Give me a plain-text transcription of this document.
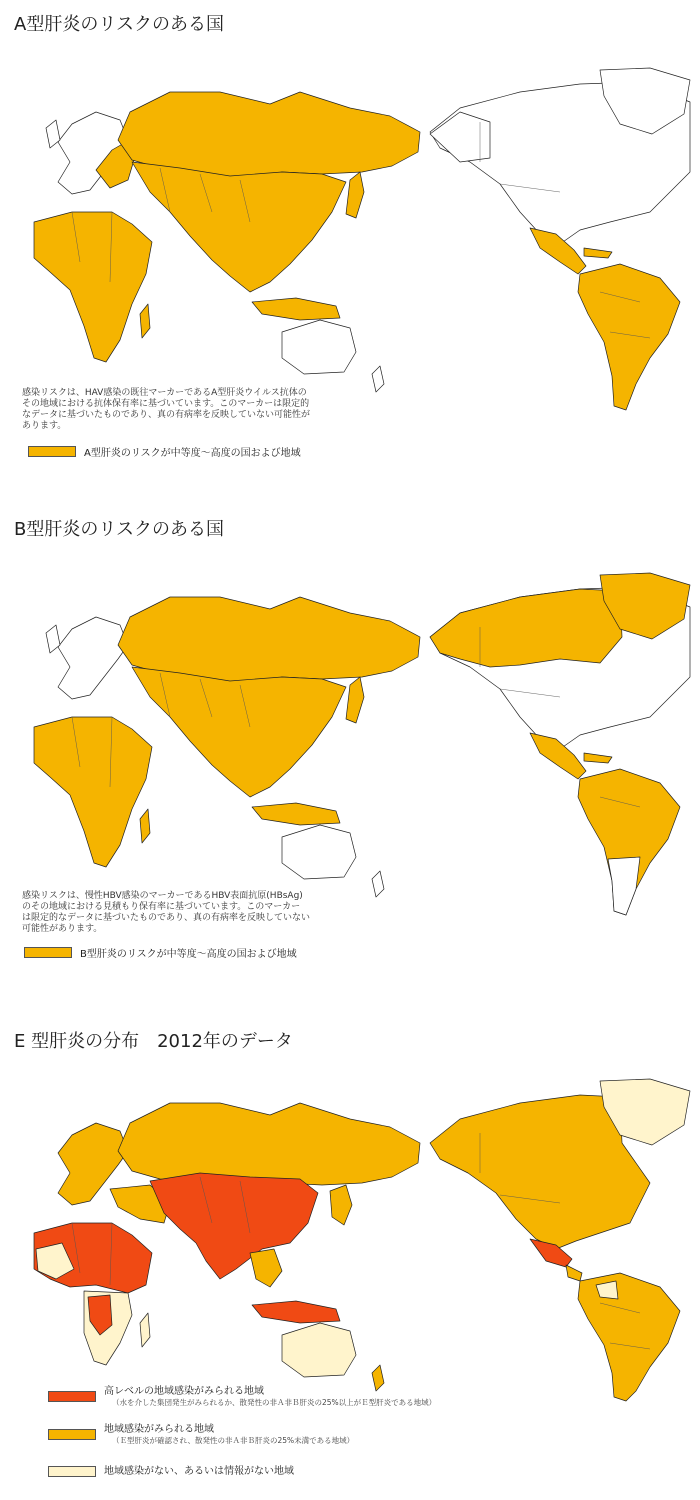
A型肝炎のリスクのある国
感染リスクは、HAV感染の既往マーカーであるA型肝炎ウイルス抗体の
その地域における抗体保有率に基づいています。このマーカーは限定的
なデータに基づいたものであり、真の有病率を反映していない可能性が
あります。
A型肝炎のリスクが中等度〜高度の国および地域
B型肝炎のリスクのある国
感染リスクは、慢性HBV感染のマーカーであるHBV表面抗原(HBsAg)
のその地域における見積もり保有率に基づいています。このマーカー
は限定的なデータに基づいたものであり、真の有病率を反映していない
可能性があります。
B型肝炎のリスクが中等度〜高度の国および地域
E 型肝炎の分布　2012年のデータ
高レベルの地域感染がみられる地域
（水を介した集団発生がみられるか、散発性の非Ａ非Ｂ肝炎の25%以上がＥ型肝炎である地域）
地域感染がみられる地域
（Ｅ型肝炎が確認され、散発性の非Ａ非Ｂ肝炎の25%未満である地域）
地域感染がない、あるいは情報がない地域
